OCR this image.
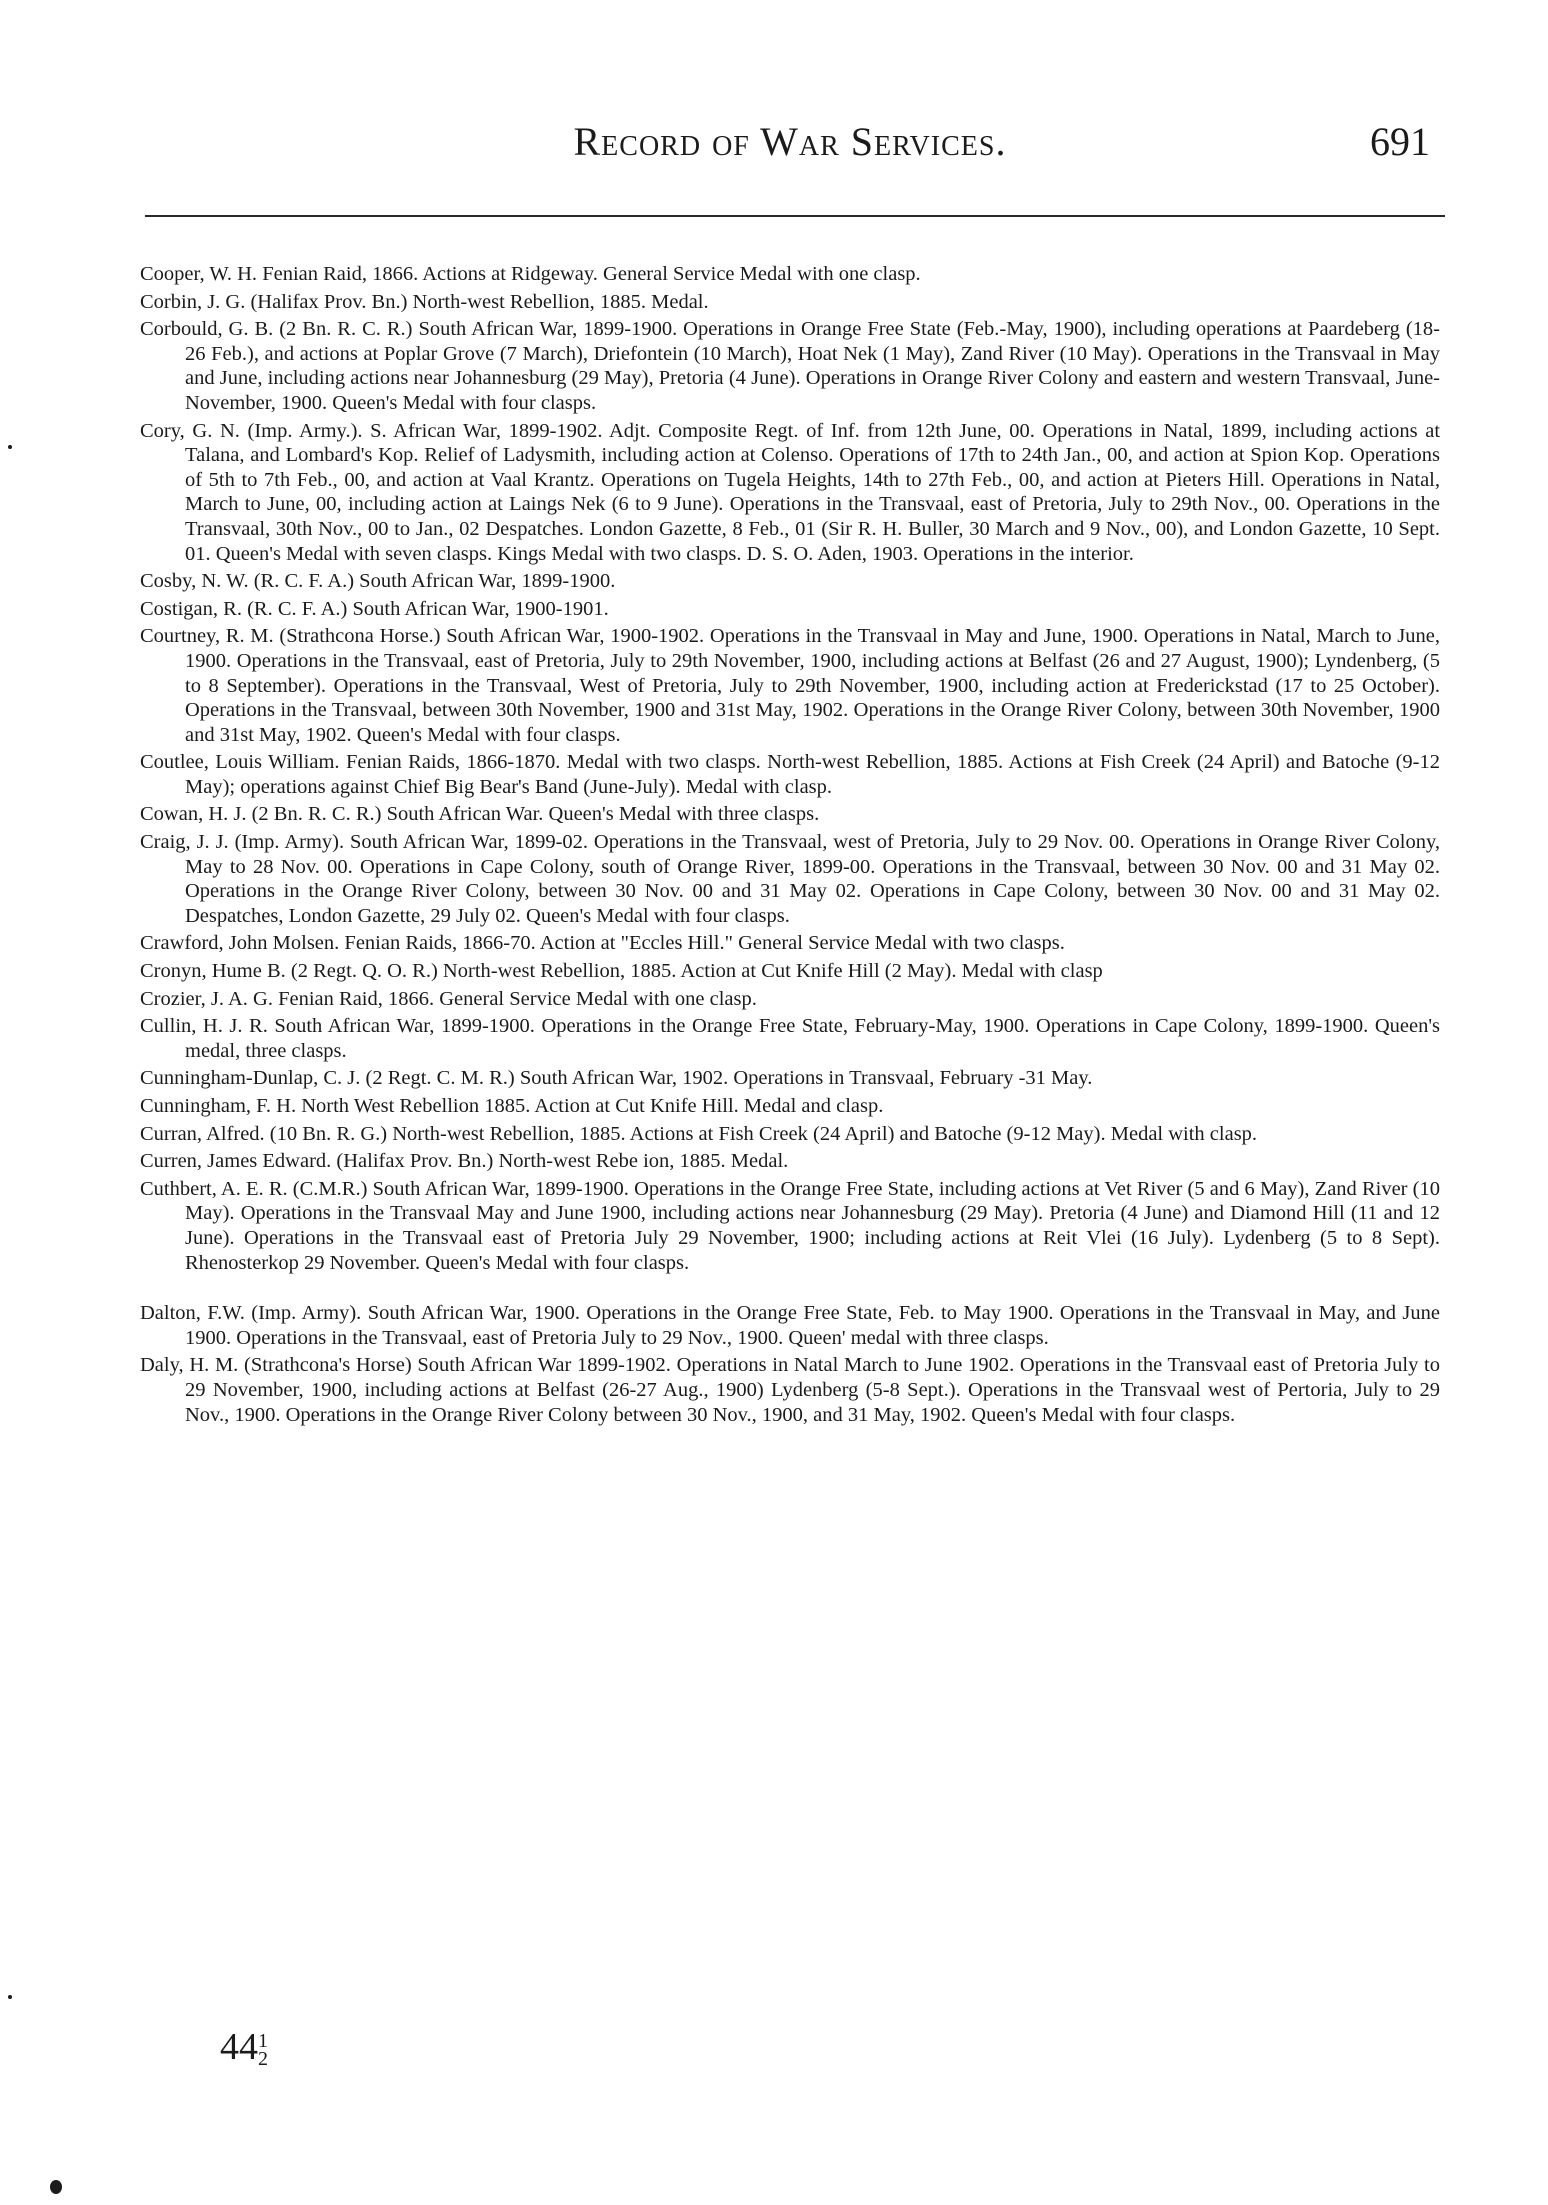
Record of War Services.	691

Cooper, W. H. Fenian Raid, 1866. Actions at Ridgeway. General Service Medal with one clasp.

Corbin, J. G. (Halifax Prov. Bn.) North-west Rebellion, 1885. Medal.

Corbould, G. B. (2 Bn. R. C. R.) South African War, 1899-1900. Operations in Orange Free State (Feb.-May, 1900), including operations at Paardeberg (18-26 Feb.), and actions at Poplar Grove (7 March), Driefontein (10 March), Hoat Nek (1 May), Zand River (10 May). Operations in the Transvaal in May and June, including actions near Johannesburg (29 May), Pretoria (4 June). Operations in Orange River Colony and eastern and western Transvaal, June-November, 1900. Queen's Medal with four clasps.

Cory, G. N. (Imp. Army.). S. African War, 1899-1902. Adjt. Composite Regt. of Inf. from 12th June, 00. Operations in Natal, 1899, including actions at Talana, and Lombard's Kop. Relief of Ladysmith, including action at Colenso. Operations of 17th to 24th Jan., 00, and action at Spion Kop. Operations of 5th to 7th Feb., 00, and action at Vaal Krantz. Operations on Tugela Heights, 14th to 27th Feb., 00, and action at Pieters Hill. Operations in Natal, March to June, 00, including action at Laings Nek (6 to 9 June). Operations in the Transvaal, east of Pretoria, July to 29th Nov., 00. Operations in the Transvaal, 30th Nov., 00 to Jan., 02 Despatches. London Gazette, 8 Feb., 01 (Sir R. H. Buller, 30 March and 9 Nov., 00), and London Gazette, 10 Sept. 01. Queen's Medal with seven clasps. Kings Medal with two clasps. D. S. O. Aden, 1903. Operations in the interior.

Cosby, N. W. (R. C. F. A.) South African War, 1899-1900.

Costigan, R. (R. C. F. A.) South African War, 1900-1901.

Courtney, R. M. (Strathcona Horse.) South African War, 1900-1902. Operations in the Transvaal in May and June, 1900. Operations in Natal, March to June, 1900. Operations in the Transvaal, east of Pretoria, July to 29th November, 1900, including actions at Belfast (26 and 27 August, 1900); Lyndenberg, (5 to 8 September). Operations in the Transvaal, West of Pretoria, July to 29th November, 1900, including action at Frederickstad (17 to 25 October). Operations in the Transvaal, between 30th November, 1900 and 31st May, 1902. Operations in the Orange River Colony, between 30th November, 1900 and 31st May, 1902. Queen's Medal with four clasps.

Coutlee, Louis William. Fenian Raids, 1866-1870. Medal with two clasps. North-west Rebellion, 1885. Actions at Fish Creek (24 April) and Batoche (9-12 May); operations against Chief Big Bear's Band (June-July). Medal with clasp.

Cowan, H. J. (2 Bn. R. C. R.) South African War. Queen's Medal with three clasps.

Craig, J. J. (Imp. Army). South African War, 1899-02. Operations in the Transvaal, west of Pretoria, July to 29 Nov. 00. Operations in Orange River Colony, May to 28 Nov. 00. Operations in Cape Colony, south of Orange River, 1899-00. Operations in the Transvaal, between 30 Nov. 00 and 31 May 02. Operations in the Orange River Colony, between 30 Nov. 00 and 31 May 02. Operations in Cape Colony, between 30 Nov. 00 and 31 May 02. Despatches, London Gazette, 29 July 02. Queen's Medal with four clasps.

Crawford, John Molsen. Fenian Raids, 1866-70. Action at "Eccles Hill." General Service Medal with two clasps.

Cronyn, Hume B. (2 Regt. Q. O. R.) North-west Rebellion, 1885. Action at Cut Knife Hill (2 May). Medal with clasp

Crozier, J. A. G. Fenian Raid, 1866. General Service Medal with one clasp.

Cullin, H. J. R. South African War, 1899-1900. Operations in the Orange Free State, February-May, 1900. Operations in Cape Colony, 1899-1900. Queen's medal, three clasps.

Cunningham-Dunlap, C. J. (2 Regt. C. M. R.) South African War, 1902. Operations in Transvaal, February -31 May.

Cunningham, F. H. North West Rebellion 1885. Action at Cut Knife Hill. Medal and clasp.

Curran, Alfred. (10 Bn. R. G.) North-west Rebellion, 1885. Actions at Fish Creek (24 April) and Batoche (9-12 May). Medal with clasp.

Curren, James Edward. (Halifax Prov. Bn.) North-west Rebe ion, 1885. Medal.

Cuthbert, A. E. R. (C.M.R.) South African War, 1899-1900. Operations in the Orange Free State, including actions at Vet River (5 and 6 May), Zand River (10 May). Operations in the Transvaal May and June 1900, including actions near Johannesburg (29 May). Pretoria (4 June) and Diamond Hill (11 and 12 June). Operations in the Transvaal east of Pretoria July 29 November, 1900; including actions at Reit Vlei (16 July). Lydenberg (5 to 8 Sept). Rhenosterkop 29 November. Queen's Medal with four clasps.

Dalton, F.W. (Imp. Army). South African War, 1900. Operations in the Orange Free State, Feb. to May 1900. Operations in the Transvaal in May, and June 1900. Operations in the Transvaal, east of Pretoria July to 29 Nov., 1900. Queen' medal with three clasps.

Daly, H. M. (Strathcona's Horse) South African War 1899-1902. Operations in Natal March to June 1902. Operations in the Transvaal east of Pretoria July to 29 November, 1900, including actions at Belfast (26-27 Aug., 1900) Lydenberg (5-8 Sept.). Operations in the Transvaal west of Pertoria, July to 29 Nov., 1900. Operations in the Orange River Colony between 30 Nov., 1900, and 31 May, 1902. Queen's Medal with four clasps.

441
2
